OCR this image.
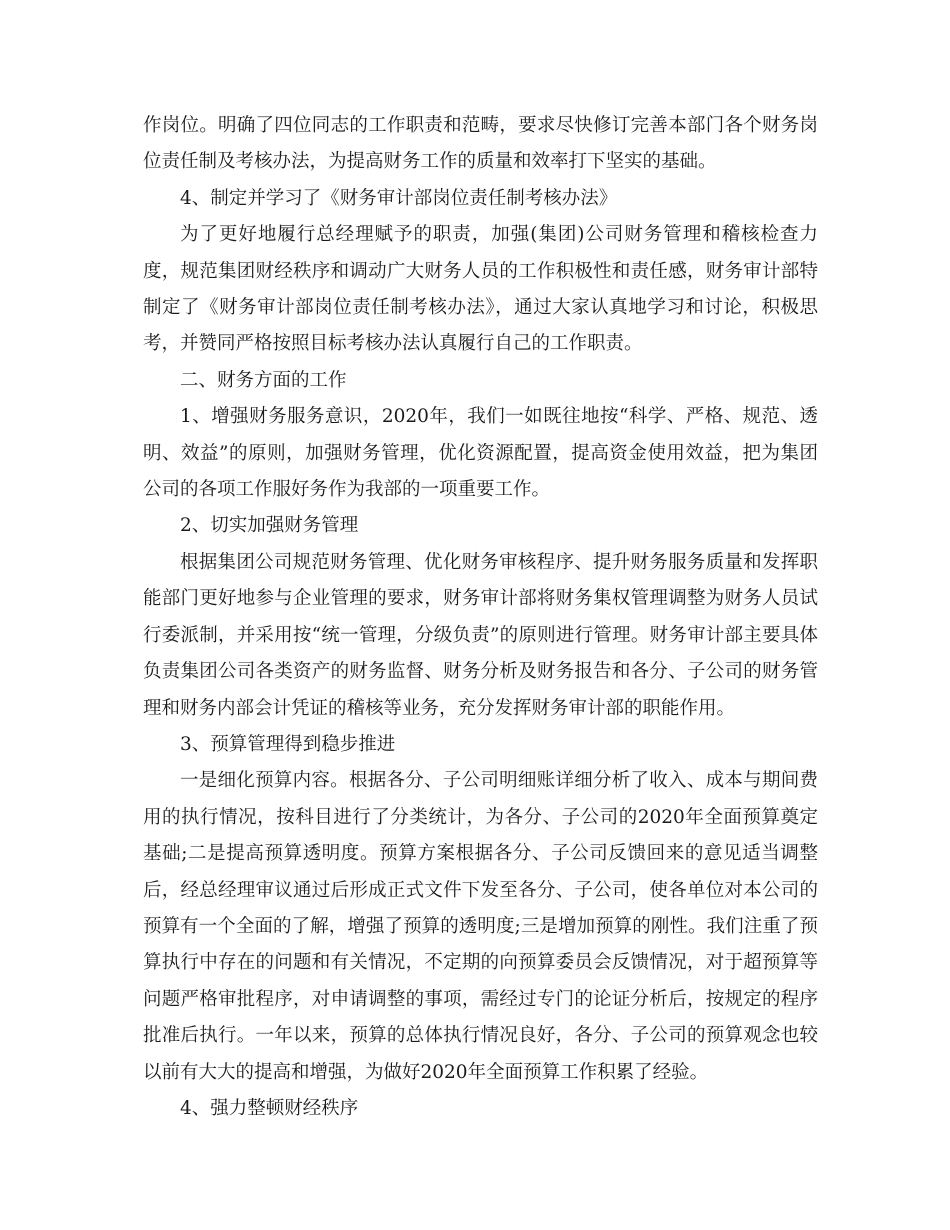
作岗位。明确了四位同志的工作职责和范畴，要求尽快修订完善本部门各个财务岗位责任制及考核办法，为提高财务工作的质量和效率打下坚实的基础。

4、制定并学习了《财务审计部岗位责任制考核办法》

为了更好地履行总经理赋予的职责，加强(集团)公司财务管理和稽核检查力度，规范集团财经秩序和调动广大财务人员的工作积极性和责任感，财务审计部特制定了《财务审计部岗位责任制考核办法》，通过大家认真地学习和讨论，积极思考，并赞同严格按照目标考核办法认真履行自己的工作职责。

二、财务方面的工作

1、增强财务服务意识，2020年，我们一如既往地按“科学、严格、规范、透明、效益”的原则，加强财务管理，优化资源配置，提高资金使用效益，把为集团公司的各项工作服好务作为我部的一项重要工作。

2、切实加强财务管理

根据集团公司规范财务管理、优化财务审核程序、提升财务服务质量和发挥职能部门更好地参与企业管理的要求，财务审计部将财务集权管理调整为财务人员试行委派制，并采用按“统一管理，分级负责”的原则进行管理。财务审计部主要具体负责集团公司各类资产的财务监督、财务分析及财务报告和各分、子公司的财务管理和财务内部会计凭证的稽核等业务，充分发挥财务审计部的职能作用。

3、预算管理得到稳步推进

一是细化预算内容。根据各分、子公司明细账详细分析了收入、成本与期间费用的执行情况，按科目进行了分类统计，为各分、子公司的2020年全面预算奠定基础;二是提高预算透明度。预算方案根据各分、子公司反馈回来的意见适当调整后，经总经理审议通过后形成正式文件下发至各分、子公司，使各单位对本公司的预算有一个全面的了解，增强了预算的透明度;三是增加预算的刚性。我们注重了预算执行中存在的问题和有关情况，不定期的向预算委员会反馈情况，对于超预算等问题严格审批程序，对申请调整的事项，需经过专门的论证分析后，按规定的程序批准后执行。一年以来，预算的总体执行情况良好，各分、子公司的预算观念也较以前有大大的提高和增强，为做好2020年全面预算工作积累了经验。

4、强力整顿财经秩序
